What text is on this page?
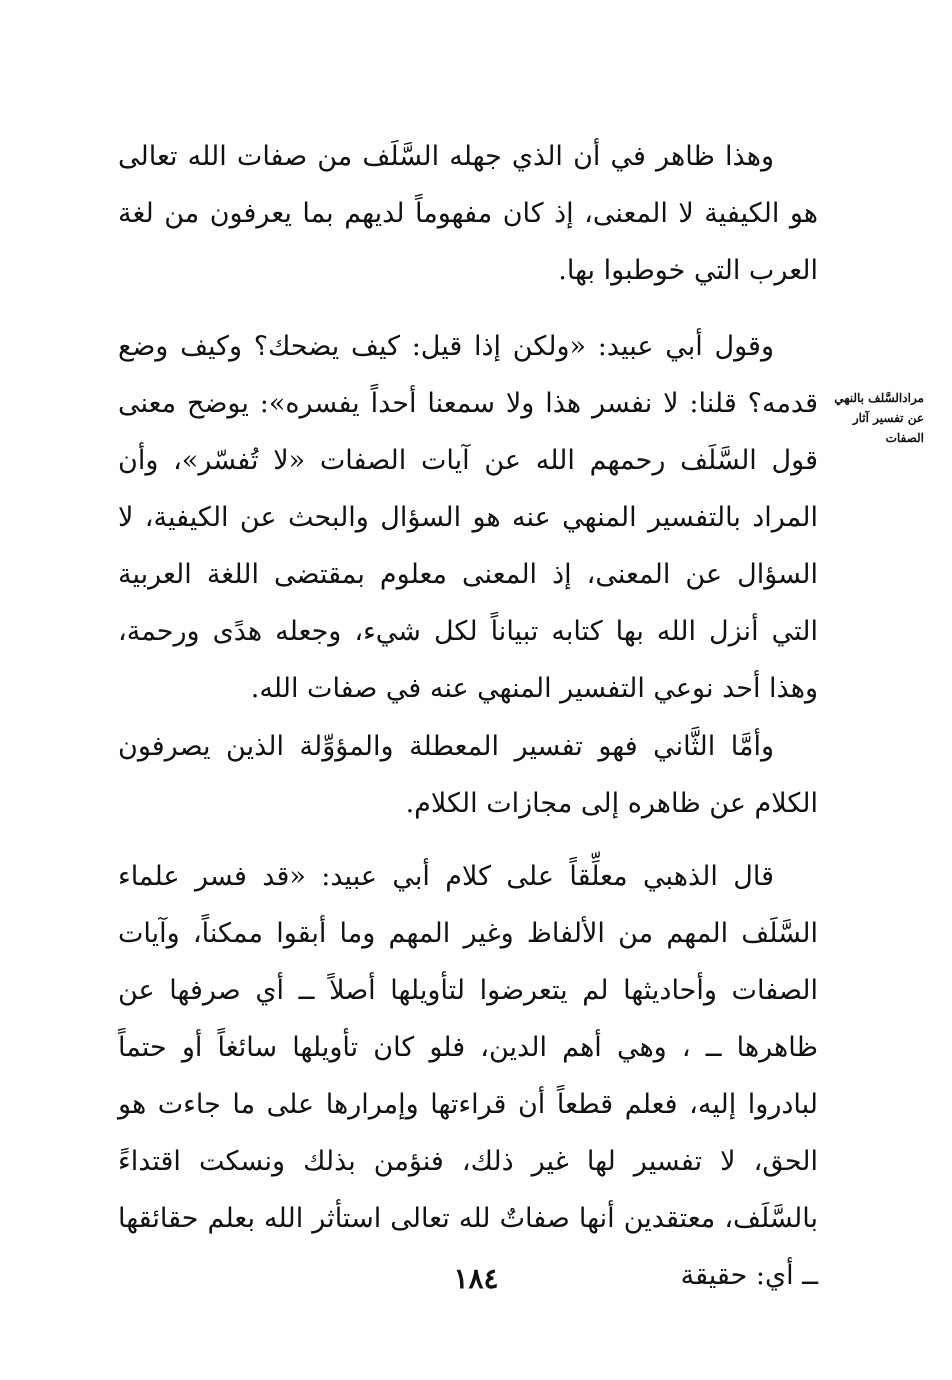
وهذا ظاهر في أن الذي جهله السَّلَف من صفات الله تعالى هو الكيفية لا المعنى، إذ كان مفهوماً لديهم بما يعرفون من لغة العرب التي خوطبوا بها.

وقول أبي عبيد: «ولكن إذا قيل: كيف يضحك؟ وكيف وضع قدمه؟ قلنا: لا نفسر هذا ولا سمعنا أحداً يفسره»: يوضح معنى قول السَّلَف رحمهم الله عن آيات الصفات «لا تُفسّر»، وأن المراد بالتفسير المنهي عنه هو السؤال والبحث عن الكيفية، لا السؤال عن المعنى، إذ المعنى معلوم بمقتضى اللغة العربية التي أنزل الله بها كتابه تبياناً لكل شيء، وجعله هدًى ورحمة، وهذا أحد نوعي التفسير المنهي عنه في صفات الله.

مرادالسَّلف بالنهي
عن تفسير آثار
الصفات

وأمَّا الثَّاني فهو تفسير المعطلة والمؤوِّلة الذين يصرفون الكلام عن ظاهره إلى مجازات الكلام.

قال الذهبي معلِّقاً على كلام أبي عبيد: «قد فسر علماء السَّلَف المهم من الألفاظ وغير المهم وما أبقوا ممكناً، وآيات الصفات وأحاديثها لم يتعرضوا لتأويلها أصلاً ــ أي صرفها عن ظاهرها ــ ، وهي أهم الدين، فلو كان تأويلها سائغاً أو حتماً لبادروا إليه، فعلم قطعاً أن قراءتها وإمرارها على ما جاءت هو الحق، لا تفسير لها غير ذلك، فنؤمن بذلك ونسكت اقتداءً بالسَّلَف، معتقدين أنها صفاتٌ لله تعالى استأثر الله بعلم حقائقها ــ أي: حقيقة

١٨٤
